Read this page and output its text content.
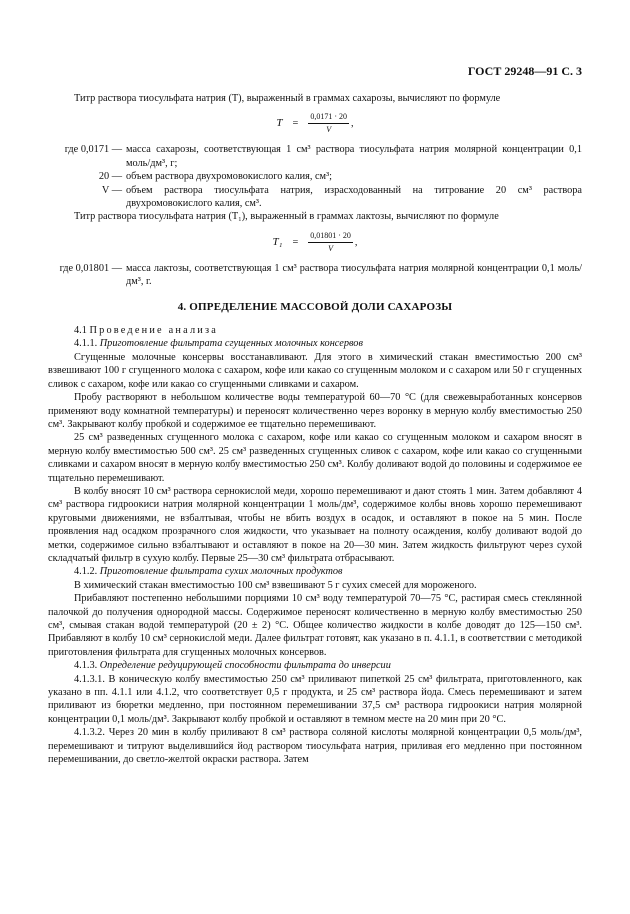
ГОСТ 29248—91 С. 3

Титр раствора тиосульфата натрия (T), выраженный в граммах сахарозы, вычисляют по формуле

$T = \frac{0,0171 \cdot 20}{V}$ ,
где 0,0171 — масса сахарозы, соответствующая 1 см³ раствора тиосульфата натрия молярной концентрации 0,1 моль/дм³, г;
20 — объем раствора двухромовокислого калия, см³;
V — объем раствора тиосульфата натрия, израсходованный на титрование 20 см³ раствора двухромовокислого калия, см³.

Титр раствора тиосульфата натрия (T₁), выраженный в граммах лактозы, вычисляют по формуле

$T_1 = \frac{0,01801 \cdot 20}{V}$ ,
где 0,01801 — масса лактозы, соответствующая 1 см³ раствора тиосульфата натрия молярной концентрации 0,1 моль/дм³, г.
4. ОПРЕДЕЛЕНИЕ МАССОВОЙ ДОЛИ САХАРОЗЫ

4.1 Проведение анализа

4.1.1. Приготовление фильтрата сгущенных молочных консервов

Сгущенные молочные консервы восстанавливают. Для этого в химический стакан вместимостью 200 см³ взвешивают 100 г сгущенного молока с сахаром, кофе или какао со сгущенным молоком и с сахаром или 50 г сгущенных сливок с сахаром, кофе или какао со сгущенными сливками и сахаром.

Пробу растворяют в небольшом количестве воды температурой 60—70 °С (для свежевыработанных консервов применяют воду комнатной температуры) и переносят количественно через воронку в мерную колбу вместимостью 250 см³. Закрывают колбу пробкой и содержимое ее тщательно перемешивают.

25 см³ разведенных сгущенного молока с сахаром, кофе или какао со сгущенным молоком и сахаром вносят в мерную колбу вместимостью 500 см³. 25 см³ разведенных сгущенных сливок с сахаром, кофе или какао со сгущенными сливками и сахаром вносят в мерную колбу вместимостью 250 см³. Колбу доливают водой до половины и содержимое ее тщательно перемешивают.

В колбу вносят 10 см³ раствора сернокислой меди, хорошо перемешивают и дают стоять 1 мин. Затем добавляют 4 см³ раствора гидроокиси натрия молярной концентрации 1 моль/дм³, содержимое колбы вновь хорошо перемешивают круговыми движениями, не взбалтывая, чтобы не вбить воздух в осадок, и оставляют в покое на 5 мин. После проявления над осадком прозрачного слоя жидкости, что указывает на полноту осаждения, колбу доливают водой до метки, содержимое сильно взбалтывают и оставляют в покое на 20—30 мин. Затем жидкость фильтруют через сухой складчатый фильтр в сухую колбу. Первые 25—30 см³ фильтрата отбрасывают.

4.1.2. Приготовление фильтрата сухих молочных продуктов

В химический стакан вместимостью 100 см³ взвешивают 5 г сухих смесей для мороженого.

Прибавляют постепенно небольшими порциями 10 см³ воду температурой 70—75 °С, растирая смесь стеклянной палочкой до получения однородной массы. Содержимое переносят количественно в мерную колбу вместимостью 250 см³, смывая стакан водой температурой (20 ± 2) °С. Общее количество жидкости в колбе доводят до 125—150 см³. Прибавляют в колбу 10 см³ сернокислой меди. Далее фильтрат готовят, как указано в п. 4.1.1, в соответствии с методикой приготовления фильтрата для сгущенных молочных консервов.

4.1.3. Определение редуцирующей способности фильтрата до инверсии

4.1.3.1. В коническую колбу вместимостью 250 см³ приливают пипеткой 25 см³ фильтрата, приготовленного, как указано в пп. 4.1.1 или 4.1.2, что соответствует 0,5 г продукта, и 25 см³ раствора йода. Смесь перемешивают и затем приливают из бюретки медленно, при постоянном перемешивании 37,5 см³ раствора гидроокиси натрия молярной концентрации 0,1 моль/дм³. Закрывают колбу пробкой и оставляют в темном месте на 20 мин при 20 °С.

4.1.3.2. Через 20 мин в колбу приливают 8 см³ раствора соляной кислоты молярной концентрации 0,5 моль/дм³, перемешивают и титруют выделившийся йод раствором тиосульфата натрия, приливая его медленно при постоянном перемешивании, до светло-желтой окраски раствора. Затем
